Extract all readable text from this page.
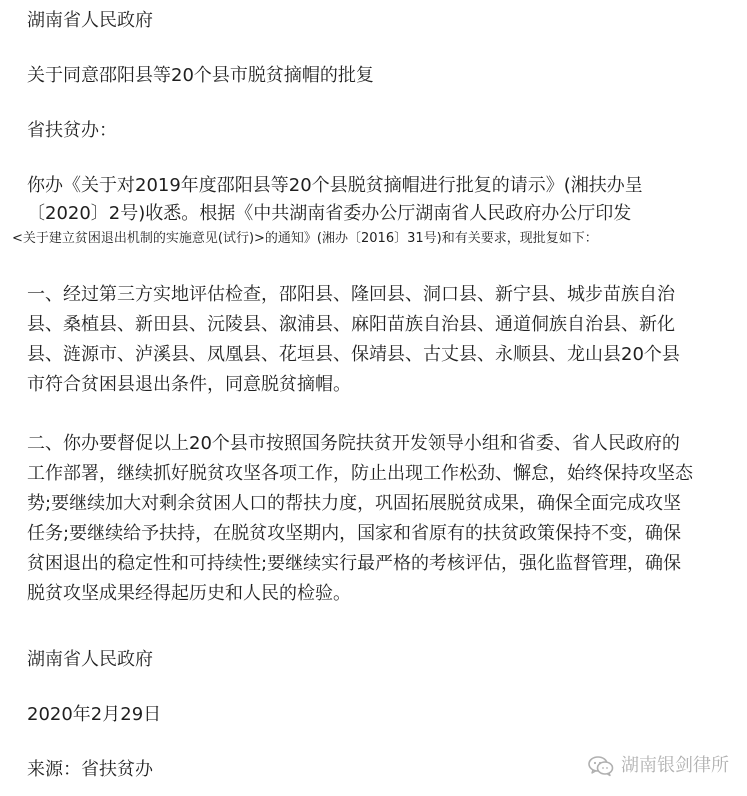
湖南省人民政府
关于同意邵阳县等20个县市脱贫摘帽的批复
省扶贫办：
你办《关于对2019年度邵阳县等20个县脱贫摘帽进行批复的请示》(湘扶办呈
〔2020〕2号)收悉。根据《中共湖南省委办公厅湖南省人民政府办公厅印发
<关于建立贫困退出机制的实施意见(试行)>的通知》(湘办〔2016〕31号)和有关要求，现批复如下：

一、经过第三方实地评估检查，邵阳县、隆回县、洞口县、新宁县、城步苗族自治

县、桑植县、新田县、沅陵县、溆浦县、麻阳苗族自治县、通道侗族自治县、新化

县、涟源市、泸溪县、凤凰县、花垣县、保靖县、古丈县、永顺县、龙山县20个县

市符合贫困县退出条件，同意脱贫摘帽。

二、你办要督促以上20个县市按照国务院扶贫开发领导小组和省委、省人民政府的

工作部署，继续抓好脱贫攻坚各项工作，防止出现工作松劲、懈怠，始终保持攻坚态

势;要继续加大对剩余贫困人口的帮扶力度，巩固拓展脱贫成果，确保全面完成攻坚

任务;要继续给予扶持，在脱贫攻坚期内，国家和省原有的扶贫政策保持不变，确保

贫困退出的稳定性和可持续性;要继续实行最严格的考核评估，强化监督管理，确保

脱贫攻坚成果经得起历史和人民的检验。

湖南省人民政府
2020年2月29日
来源：省扶贫办	湖南银剑律所
